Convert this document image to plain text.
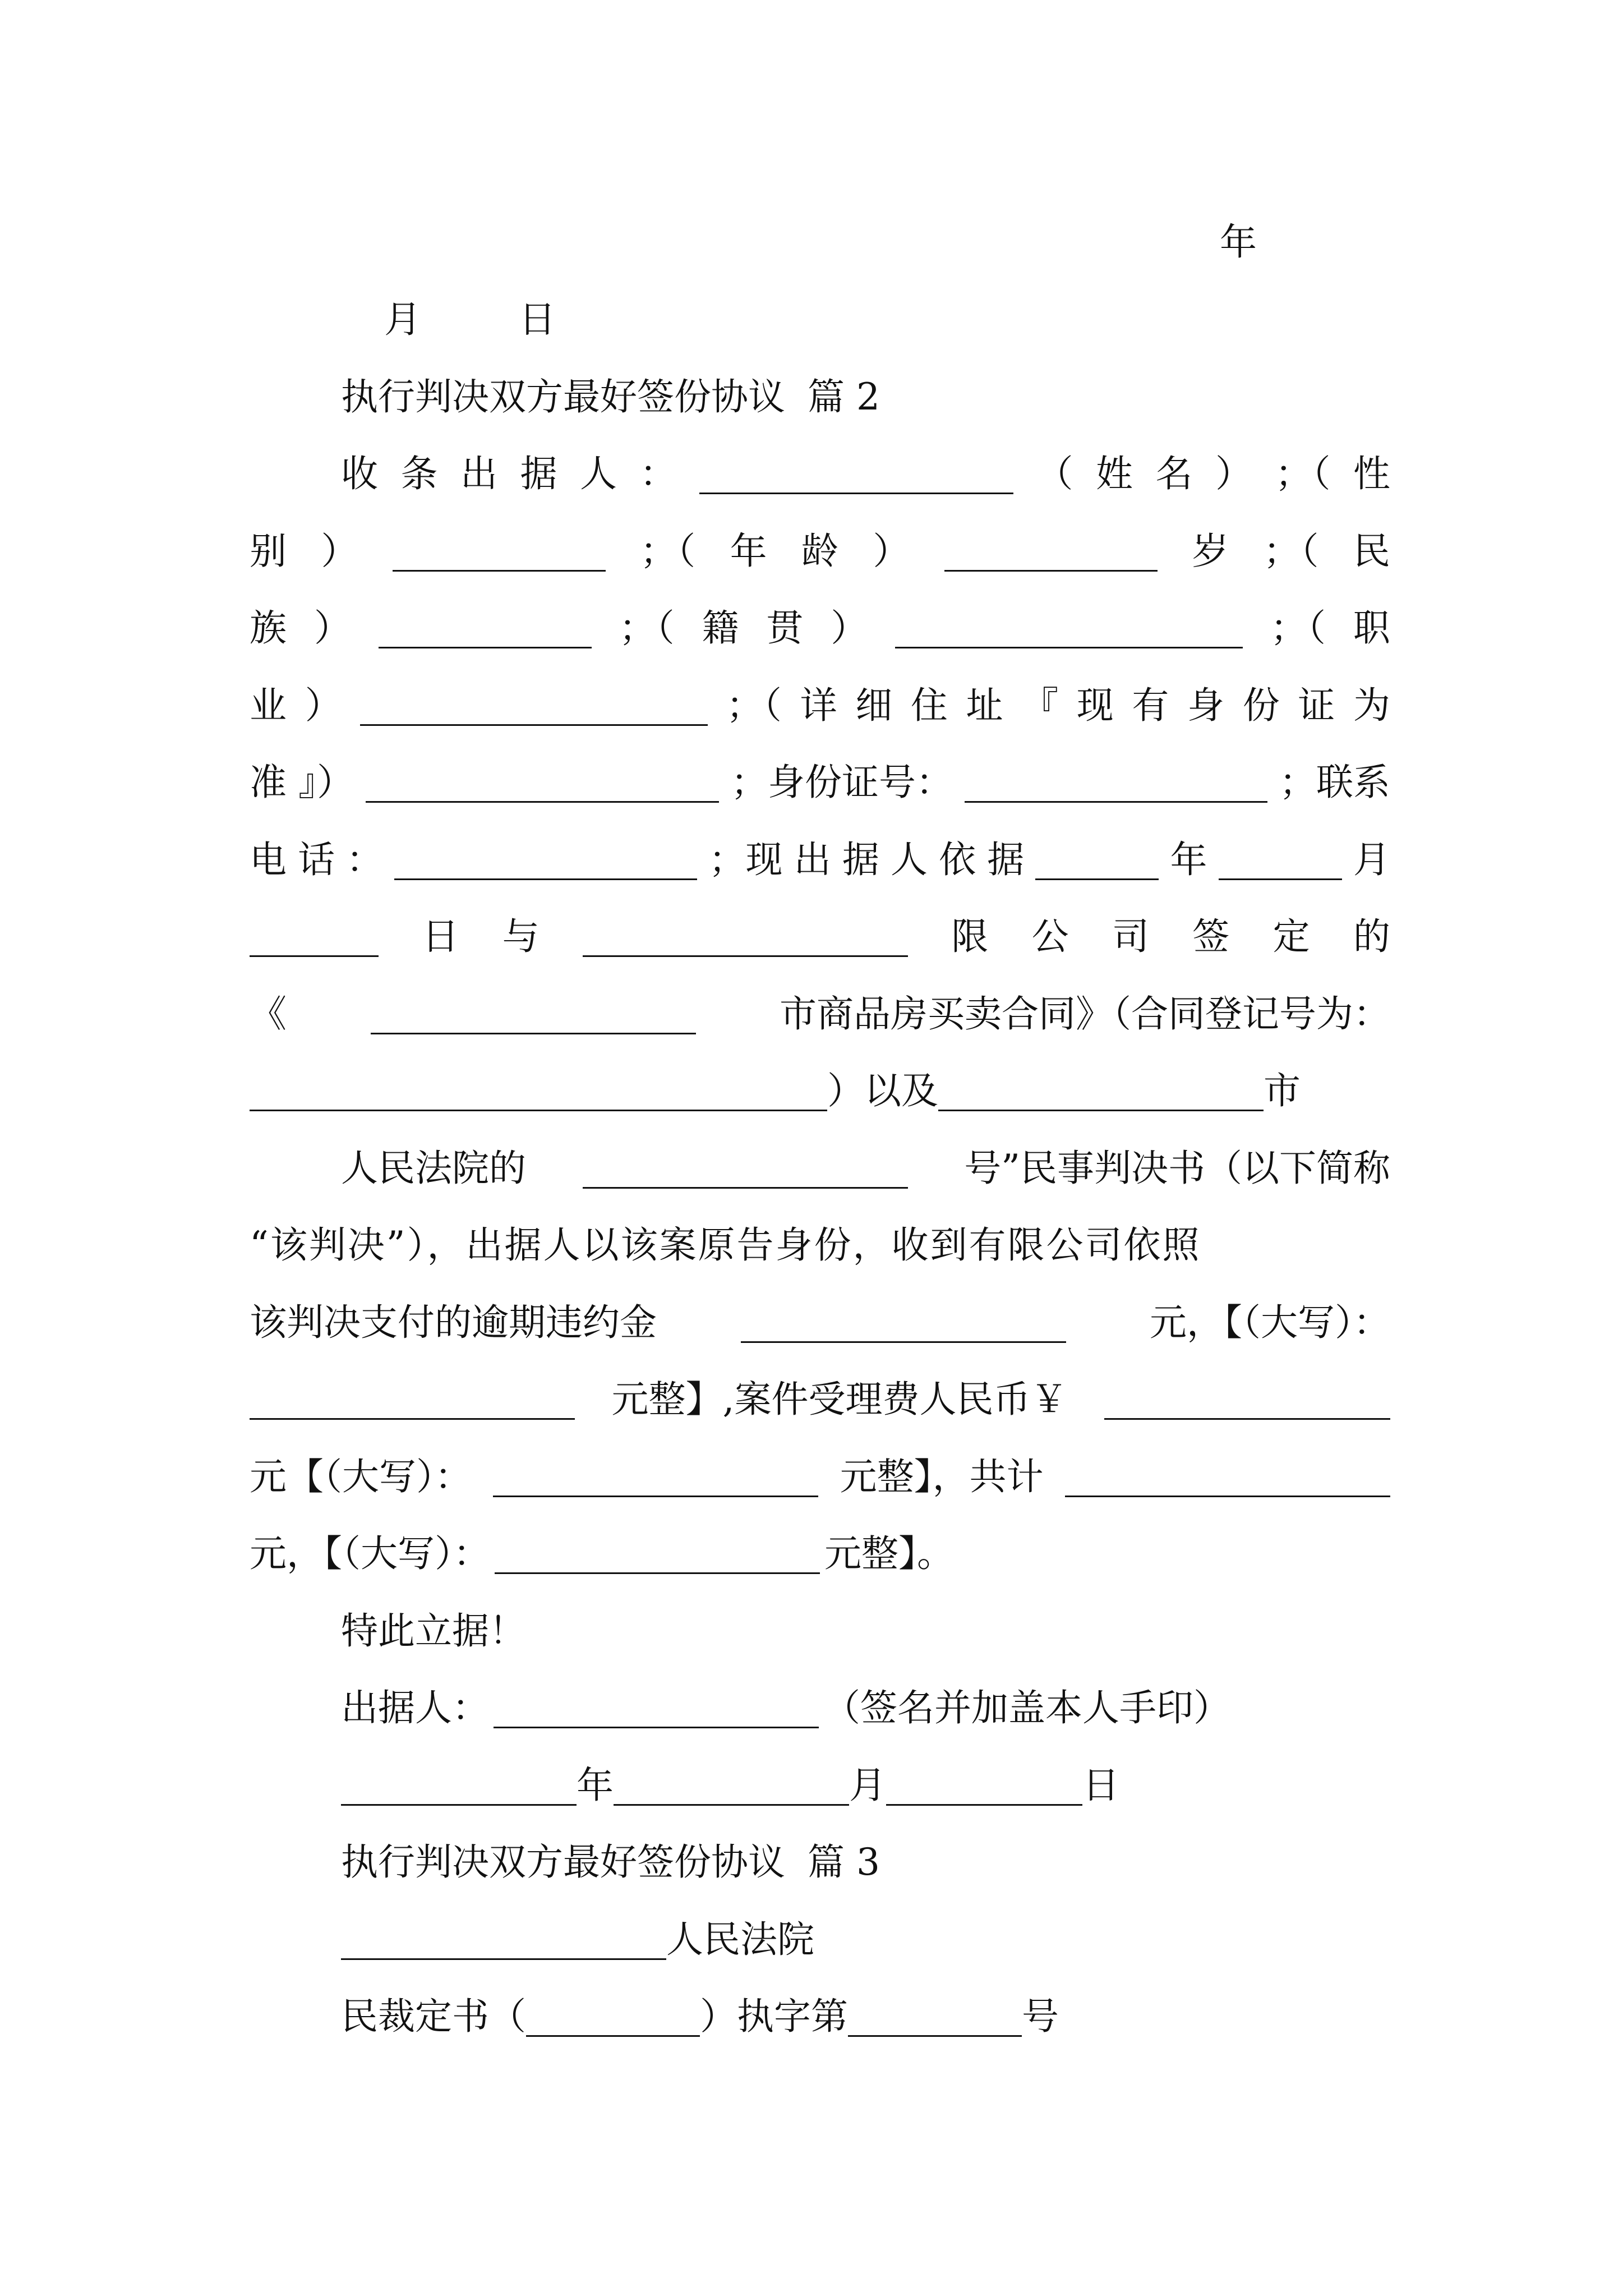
年
月	日
执行判决双方最好签份协议 篇 2
收 条 出 据 人 ：	（ 姓 名 ） ；（ 性
别 ）	；（ 年 龄 ）	岁 ；（ 民
族 ）	；（ 籍 贯 ）	；（ 职
业 ）	；（ 详 细 住 址 『 现 有 身 份 证 为
准 』）	；身份证号：	；联系
电 话 ：	；现 出 据 人 依 据	年	月
日 与	限 公 司 签 定 的
《	市商品房买卖合同》（合同登记号为：
）以及	市
人民法院的	号”民事判决书（以下简称
“该判决”），出据人以该案原告身份，收到有限公司依照
该判决支付的逾期违约金	元，【（大写）：
元整】,案件受理费人民币￥
元【（大写）：	元整】，共计
元，【（大写）：	元整】。
特此立据！
出据人：	（签名并加盖本人手印）
年	月	日
执行判决双方最好签份协议 篇 3
人民法院
民裁定书（	）执字第	号
